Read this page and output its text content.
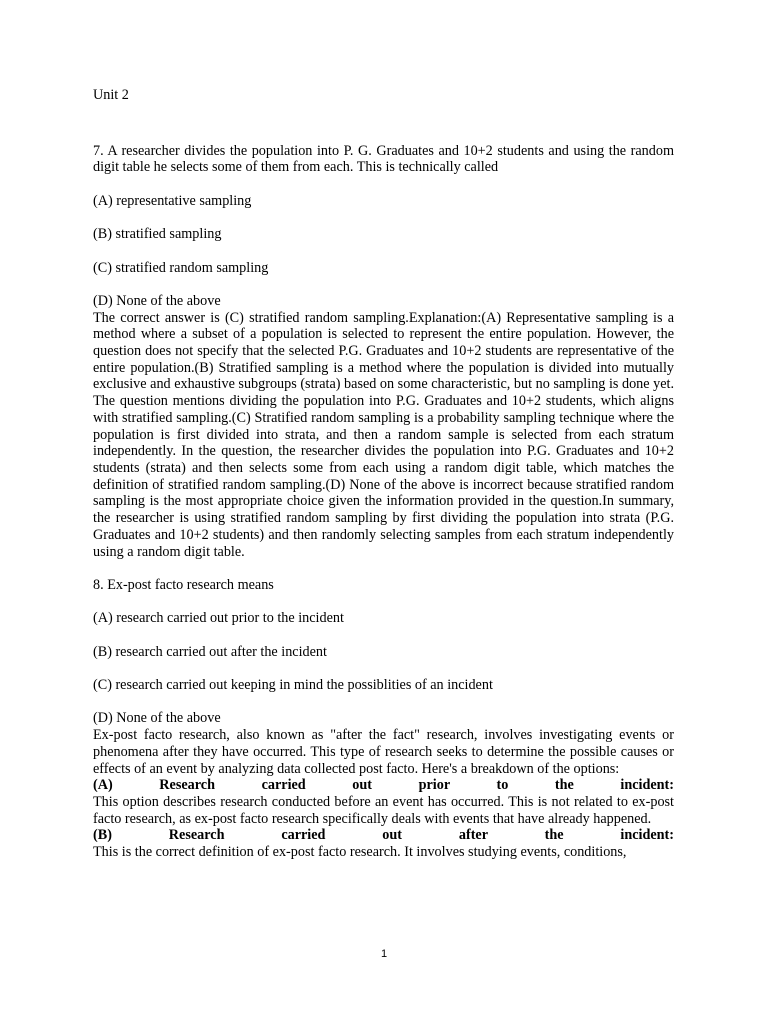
Unit 2

7. A researcher divides the population into P. G. Graduates and 10+2 students and using the random digit table he selects some of them from each. This is technically called

(A) representative sampling

(B) stratified sampling

(C) stratified random sampling

(D) None of the above

The correct answer is (C) stratified random sampling.Explanation:(A) Representative sampling is a method where a subset of a population is selected to represent the entire population. However, the question does not specify that the selected P.G. Graduates and 10+2 students are representative of the entire population.(B) Stratified sampling is a method where the population is divided into mutually exclusive and exhaustive subgroups (strata) based on some characteristic, but no sampling is done yet. The question mentions dividing the population into P.G. Graduates and 10+2 students, which aligns with stratified sampling.(C) Stratified random sampling is a probability sampling technique where the population is first divided into strata, and then a random sample is selected from each stratum independently. In the question, the researcher divides the population into P.G. Graduates and 10+2 students (strata) and then selects some from each using a random digit table, which matches the definition of stratified random sampling.(D) None of the above is incorrect because stratified random sampling is the most appropriate choice given the information provided in the question.In summary, the researcher is using stratified random sampling by first dividing the population into strata (P.G. Graduates and 10+2 students) and then randomly selecting samples from each stratum independently using a random digit table.

8. Ex-post facto research means

(A) research carried out prior to the incident

(B) research carried out after the incident

(C) research carried out keeping in mind the possiblities of an incident

(D) None of the above

Ex-post facto research, also known as "after the fact" research, involves investigating events or phenomena after they have occurred. This type of research seeks to determine the possible causes or effects of an event by analyzing data collected post facto. Here's a breakdown of the options:

(A) Research carried out prior to the incident:

This option describes research conducted before an event has occurred. This is not related to ex-post facto research, as ex-post facto research specifically deals with events that have already happened.

(B) Research carried out after the incident:

This is the correct definition of ex-post facto research. It involves studying events, conditions,

1
